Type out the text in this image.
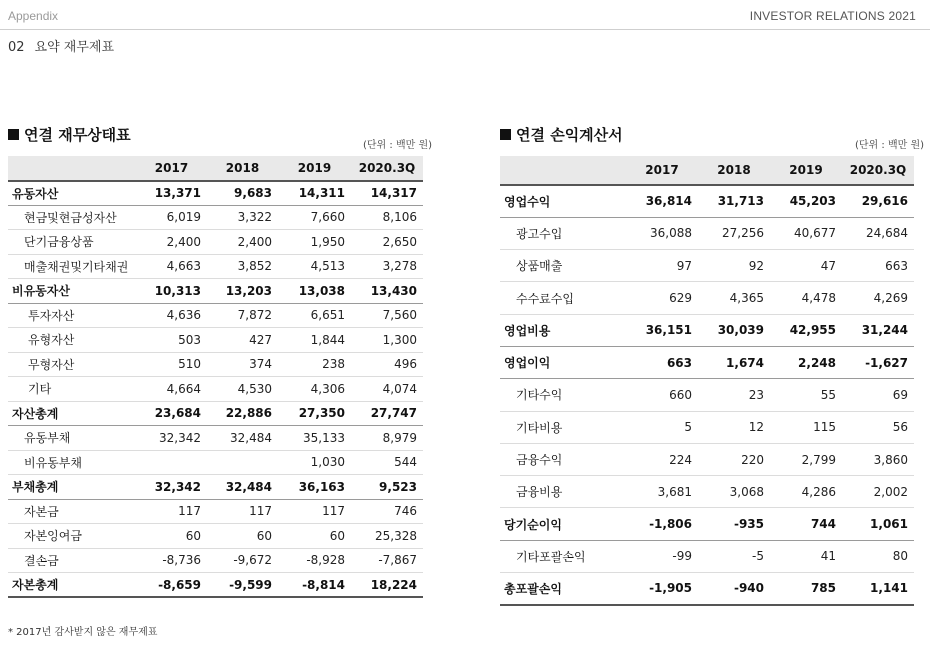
Appendix	INVESTOR RELATIONS 2021
02 요약 재무제표
연결 재무상태표
(단위 : 백만 원)
	2017	2018	2019	2020.3Q
유동자산	13,371	9,683	14,311	14,317
현금및현금성자산	6,019	3,322	7,660	8,106
단기금융상품	2,400	2,400	1,950	2,650
매출채권및기타채권	4,663	3,852	4,513	3,278
비유동자산	10,313	13,203	13,038	13,430
투자자산	4,636	7,872	6,651	7,560
유형자산	503	427	1,844	1,300
무형자산	510	374	238	496
기타	4,664	4,530	4,306	4,074
자산총계	23,684	22,886	27,350	27,747
유동부채	32,342	32,484	35,133	8,979
비유동부채			1,030	544
부채총계	32,342	32,484	36,163	9,523
자본금	117	117	117	746
자본잉여금	60	60	60	25,328
결손금	-8,736	-9,672	-8,928	-7,867
자본총계	-8,659	-9,599	-8,814	18,224
연결 손익계산서
(단위 : 백만 원)
	2017	2018	2019	2020.3Q
영업수익	36,814	31,713	45,203	29,616
광고수입	36,088	27,256	40,677	24,684
상품매출	97	92	47	663
수수료수입	629	4,365	4,478	4,269
영업비용	36,151	30,039	42,955	31,244
영업이익	663	1,674	2,248	-1,627
기타수익	660	23	55	69
기타비용	5	12	115	56
금융수익	224	220	2,799	3,860
금융비용	3,681	3,068	4,286	2,002
당기순이익	-1,806	-935	744	1,061
기타포괄손익	-99	-5	41	80
총포괄손익	-1,905	-940	785	1,141
* 2017년 감사받지 않은 재무제표
